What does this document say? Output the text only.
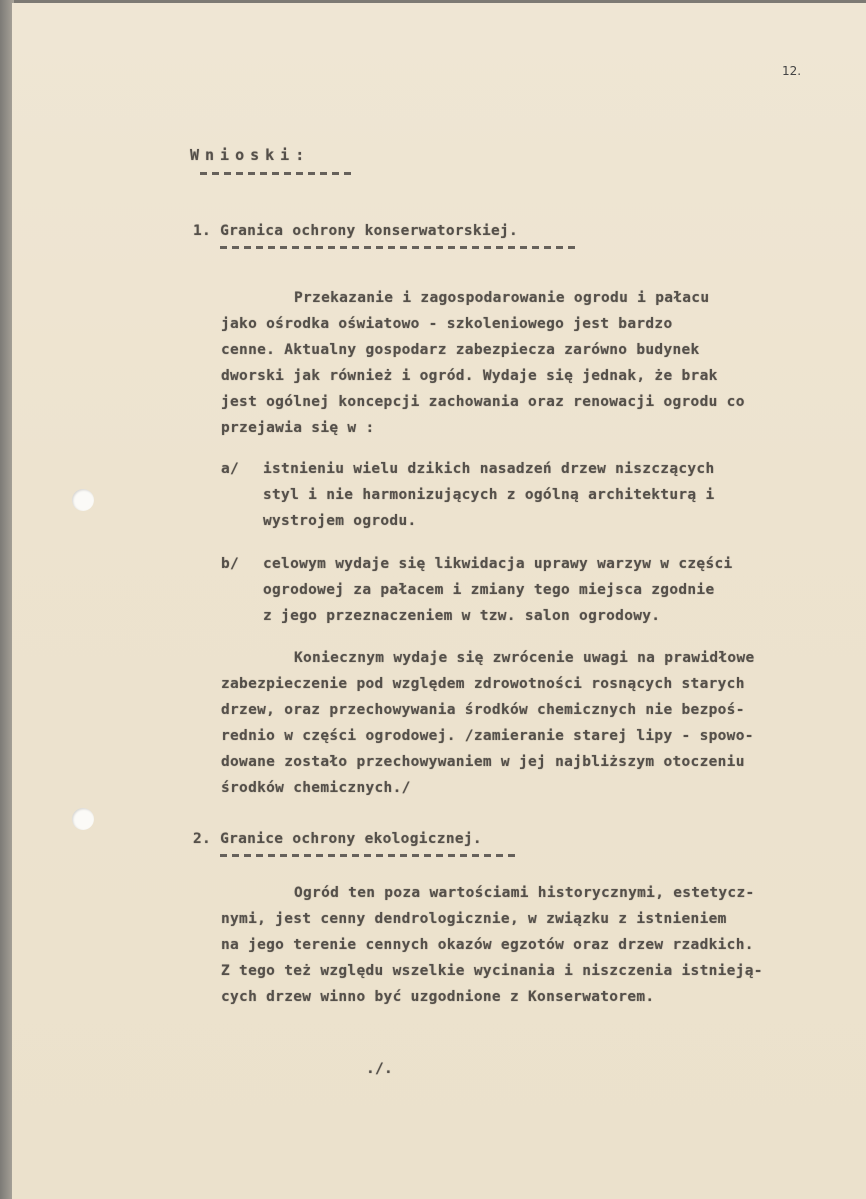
12.
Wnioski:
1. Granica ochrony konserwatorskiej.
Przekazanie i zagospodarowanie ogrodu i pałacu
jako ośrodka oświatowo - szkoleniowego jest bardzo
cenne. Aktualny gospodarz zabezpiecza zarówno budynek
dworski jak również i ogród. Wydaje się jednak, że brak
jest ogólnej koncepcji zachowania oraz renowacji ogrodu co
przejawia się w :
a/ istnieniu wielu dzikich nasadzeń drzew niszczących
styl i nie harmonizujących z ogólną architekturą i
wystrojem ogrodu.
b/ celowym wydaje się likwidacja uprawy warzyw w części
ogrodowej za pałacem i zmiany tego miejsca zgodnie
z jego przeznaczeniem w tzw. salon ogrodowy.
Koniecznym wydaje się zwrócenie uwagi na prawidłowe
zabezpieczenie pod względem zdrowotności rosnących starych
drzew, oraz przechowywania środków chemicznych nie bezpoś-
rednio w części ogrodowej. /zamieranie starej lipy - spowo-
dowane zostało przechowywaniem w jej najbliższym otoczeniu
środków chemicznych./
2. Granice ochrony ekologicznej.
Ogród ten poza wartościami historycznymi, estetycz-
nymi, jest cenny dendrologicznie, w związku z istnieniem
na jego terenie cennych okazów egzotów oraz drzew rzadkich.
Z tego też względu wszelkie wycinania i niszczenia istnieją-
cych drzew winno być uzgodnione z Konserwatorem.
./.
